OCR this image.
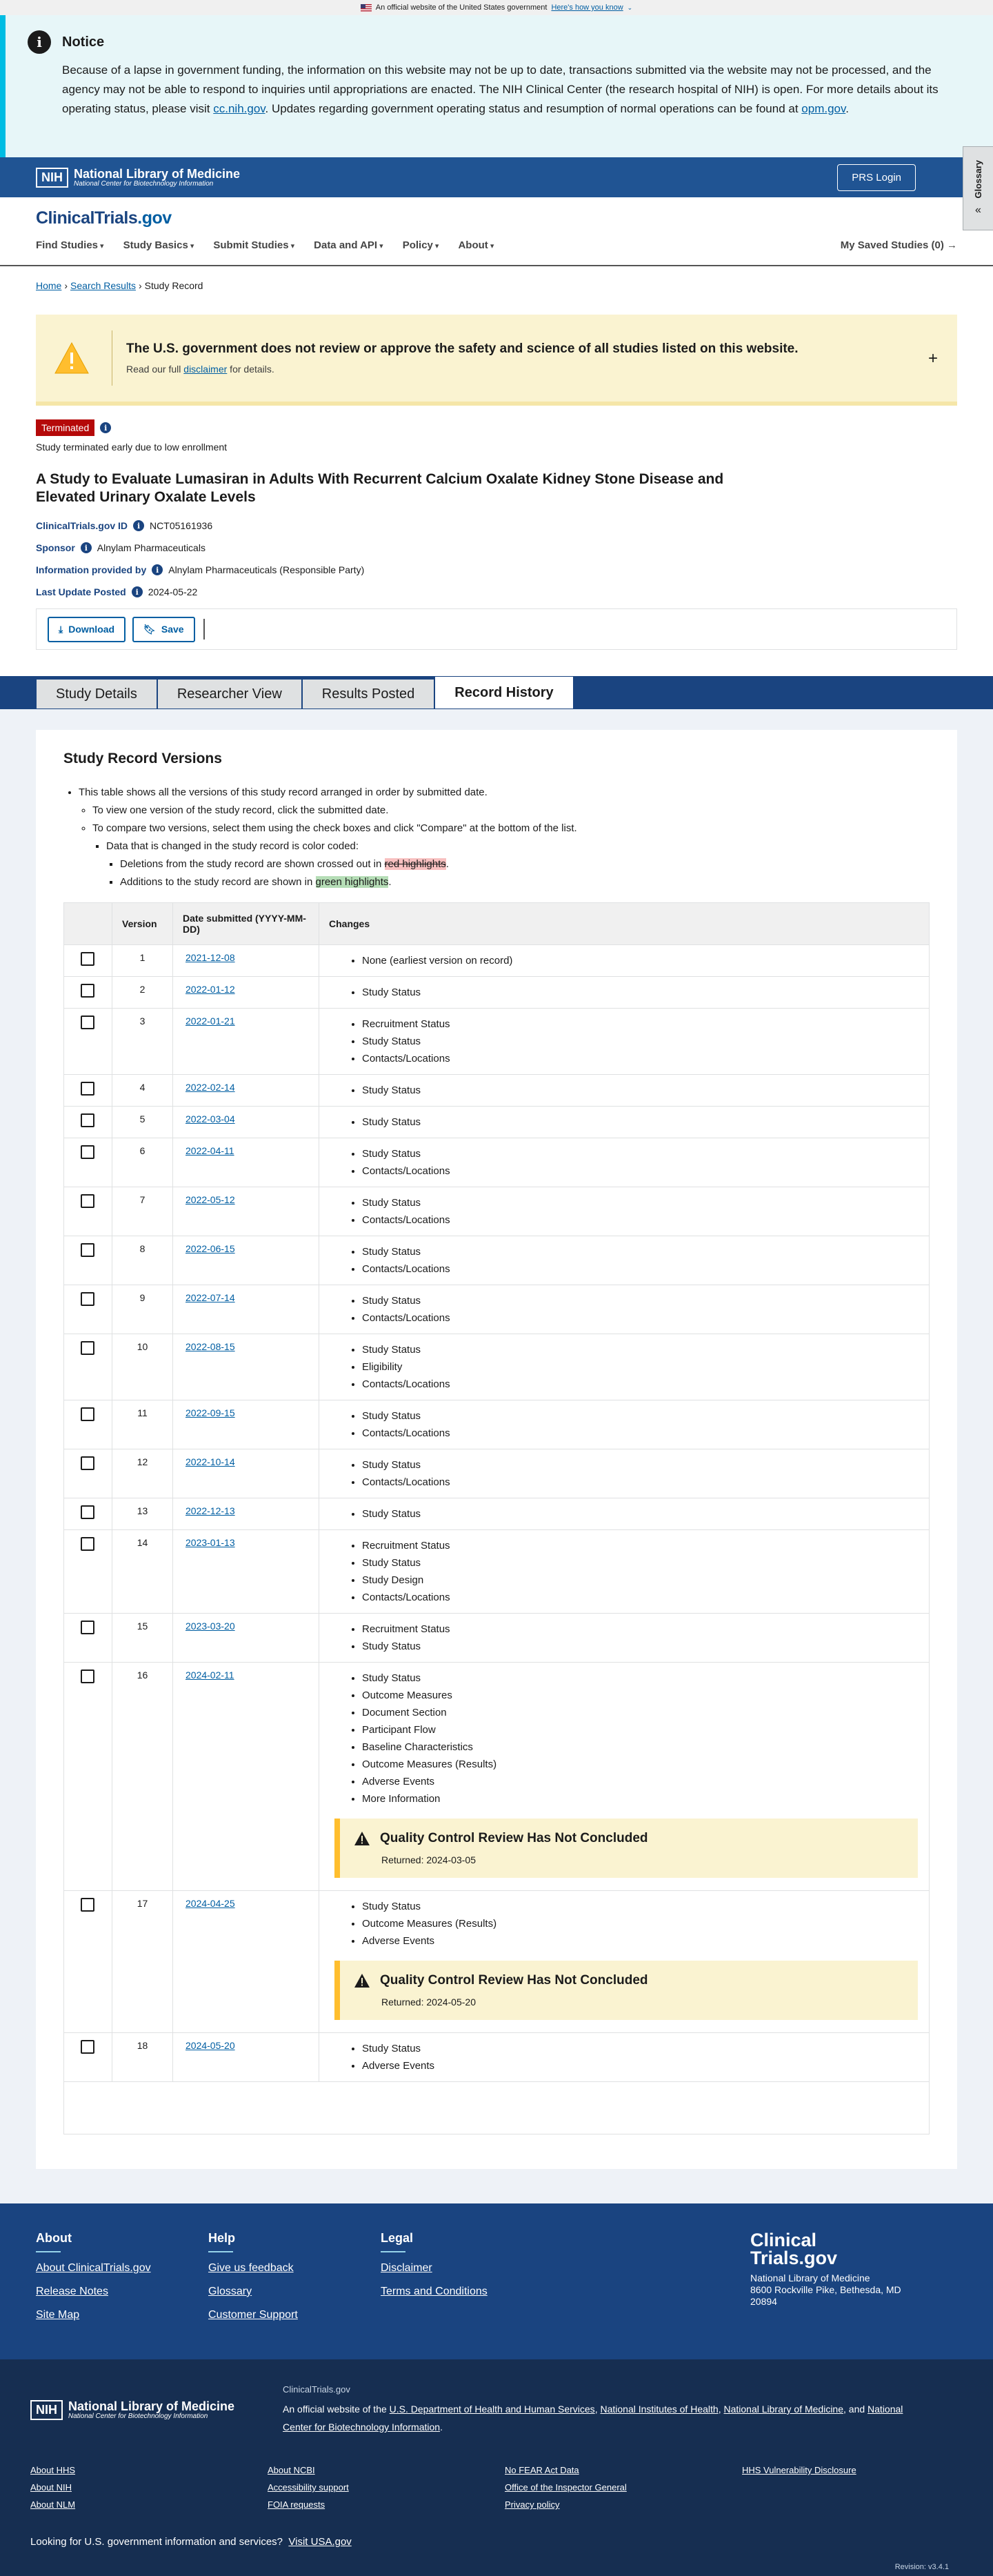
An official website of the United States government Here's how you know ⌄
i	Notice
Because of a lapse in government funding, the information on this website may not be up to date, transactions submitted via the website may not be processed, and the agency may not be able to respond to inquiries until appropriations are enacted. The NIH Clinical Center (the research hospital of NIH) is open. For more details about its operating status, please visit cc.nih.gov. Updates regarding government operating status and resumption of normal operations can be found at opm.gov.
Glossary
«
NIH National Library of Medicine
National Center for Biotechnology Information
PRS Login
ClinicalTrials.gov
Find Studies ▾	Study Basics ▾	Submit Studies ▾	Data and API ▾	Policy ▾	About ▾	My Saved Studies (0) →
Home › Search Results › Study Record
The U.S. government does not review or approve the safety and science of all studies listed on this website.
Read our full disclaimer for details.
+
Terminated	i
Study terminated early due to low enrollment
A Study to Evaluate Lumasiran in Adults With Recurrent Calcium Oxalate Kidney Stone Disease and Elevated Urinary Oxalate Levels
ClinicalTrials.gov ID	i NCT05161936
Sponsor	i Alnylam Pharmaceuticals
Information provided by	i Alnylam Pharmaceuticals (Responsible Party)
Last Update Posted	i 2024-05-22
⤓ Download	🔖︎ Save
Study Details	Researcher View	Results Posted	Record History
Study Record Versions
• This table shows all the versions of this study record arranged in order by submitted date.
◦ To view one version of the study record, click the submitted date.
◦ To compare two versions, select them using the check boxes and click "Compare" at the bottom of the list.
▪ Data that is changed in the study record is color coded:
▪ Deletions from the study record are shown crossed out in red highlights.
▪ Additions to the study record are shown in green highlights.
Version	Date submitted (YYYY-MM-DD)	Changes
1	2021-12-08	• None (earliest version on record)
2	2022-01-12	• Study Status
3	2022-01-21	• Recruitment Status
• Study Status
• Contacts/Locations
4	2022-02-14	• Study Status
5	2022-03-04	• Study Status
6	2022-04-11	• Study Status
• Contacts/Locations
7	2022-05-12	• Study Status
• Contacts/Locations
8	2022-06-15	• Study Status
• Contacts/Locations
9	2022-07-14	• Study Status
• Contacts/Locations
10	2022-08-15	• Study Status
• Eligibility
• Contacts/Locations
11	2022-09-15	• Study Status
• Contacts/Locations
12	2022-10-14	• Study Status
• Contacts/Locations
13	2022-12-13	• Study Status
14	2023-01-13	• Recruitment Status
• Study Status
• Study Design
• Contacts/Locations
15	2023-03-20	• Recruitment Status
• Study Status
16	2024-02-11	• Study Status
• Outcome Measures
• Document Section
• Participant Flow
• Baseline Characteristics
• Outcome Measures (Results)
• Adverse Events
• More Information
Quality Control Review Has Not Concluded
Returned: 2024-03-05
17	2024-04-25	• Study Status
• Outcome Measures (Results)
• Adverse Events
Quality Control Review Has Not Concluded
Returned: 2024-05-20
18	2024-05-20	• Study Status
• Adverse Events
About
About ClinicalTrials.gov
Release Notes
Site Map
Help
Give us feedback
Glossary
Customer Support
Legal
Disclaimer
Terms and Conditions
Clinical
Trials.gov
National Library of Medicine
8600 Rockville Pike, Bethesda, MD 20894
NIH National Library of Medicine
National Center for Biotechnology Information
ClinicalTrials.gov
An official website of the U.S. Department of Health and Human Services, National Institutes of Health, National Library of Medicine, and National Center for Biotechnology Information.
About HHS	About NCBI	No FEAR Act Data	HHS Vulnerability Disclosure
About NIH	Accessibility support	Office of the Inspector General
About NLM	FOIA requests	Privacy policy
Looking for U.S. government information and services? Visit USA.gov
Revision: v3.4.1
